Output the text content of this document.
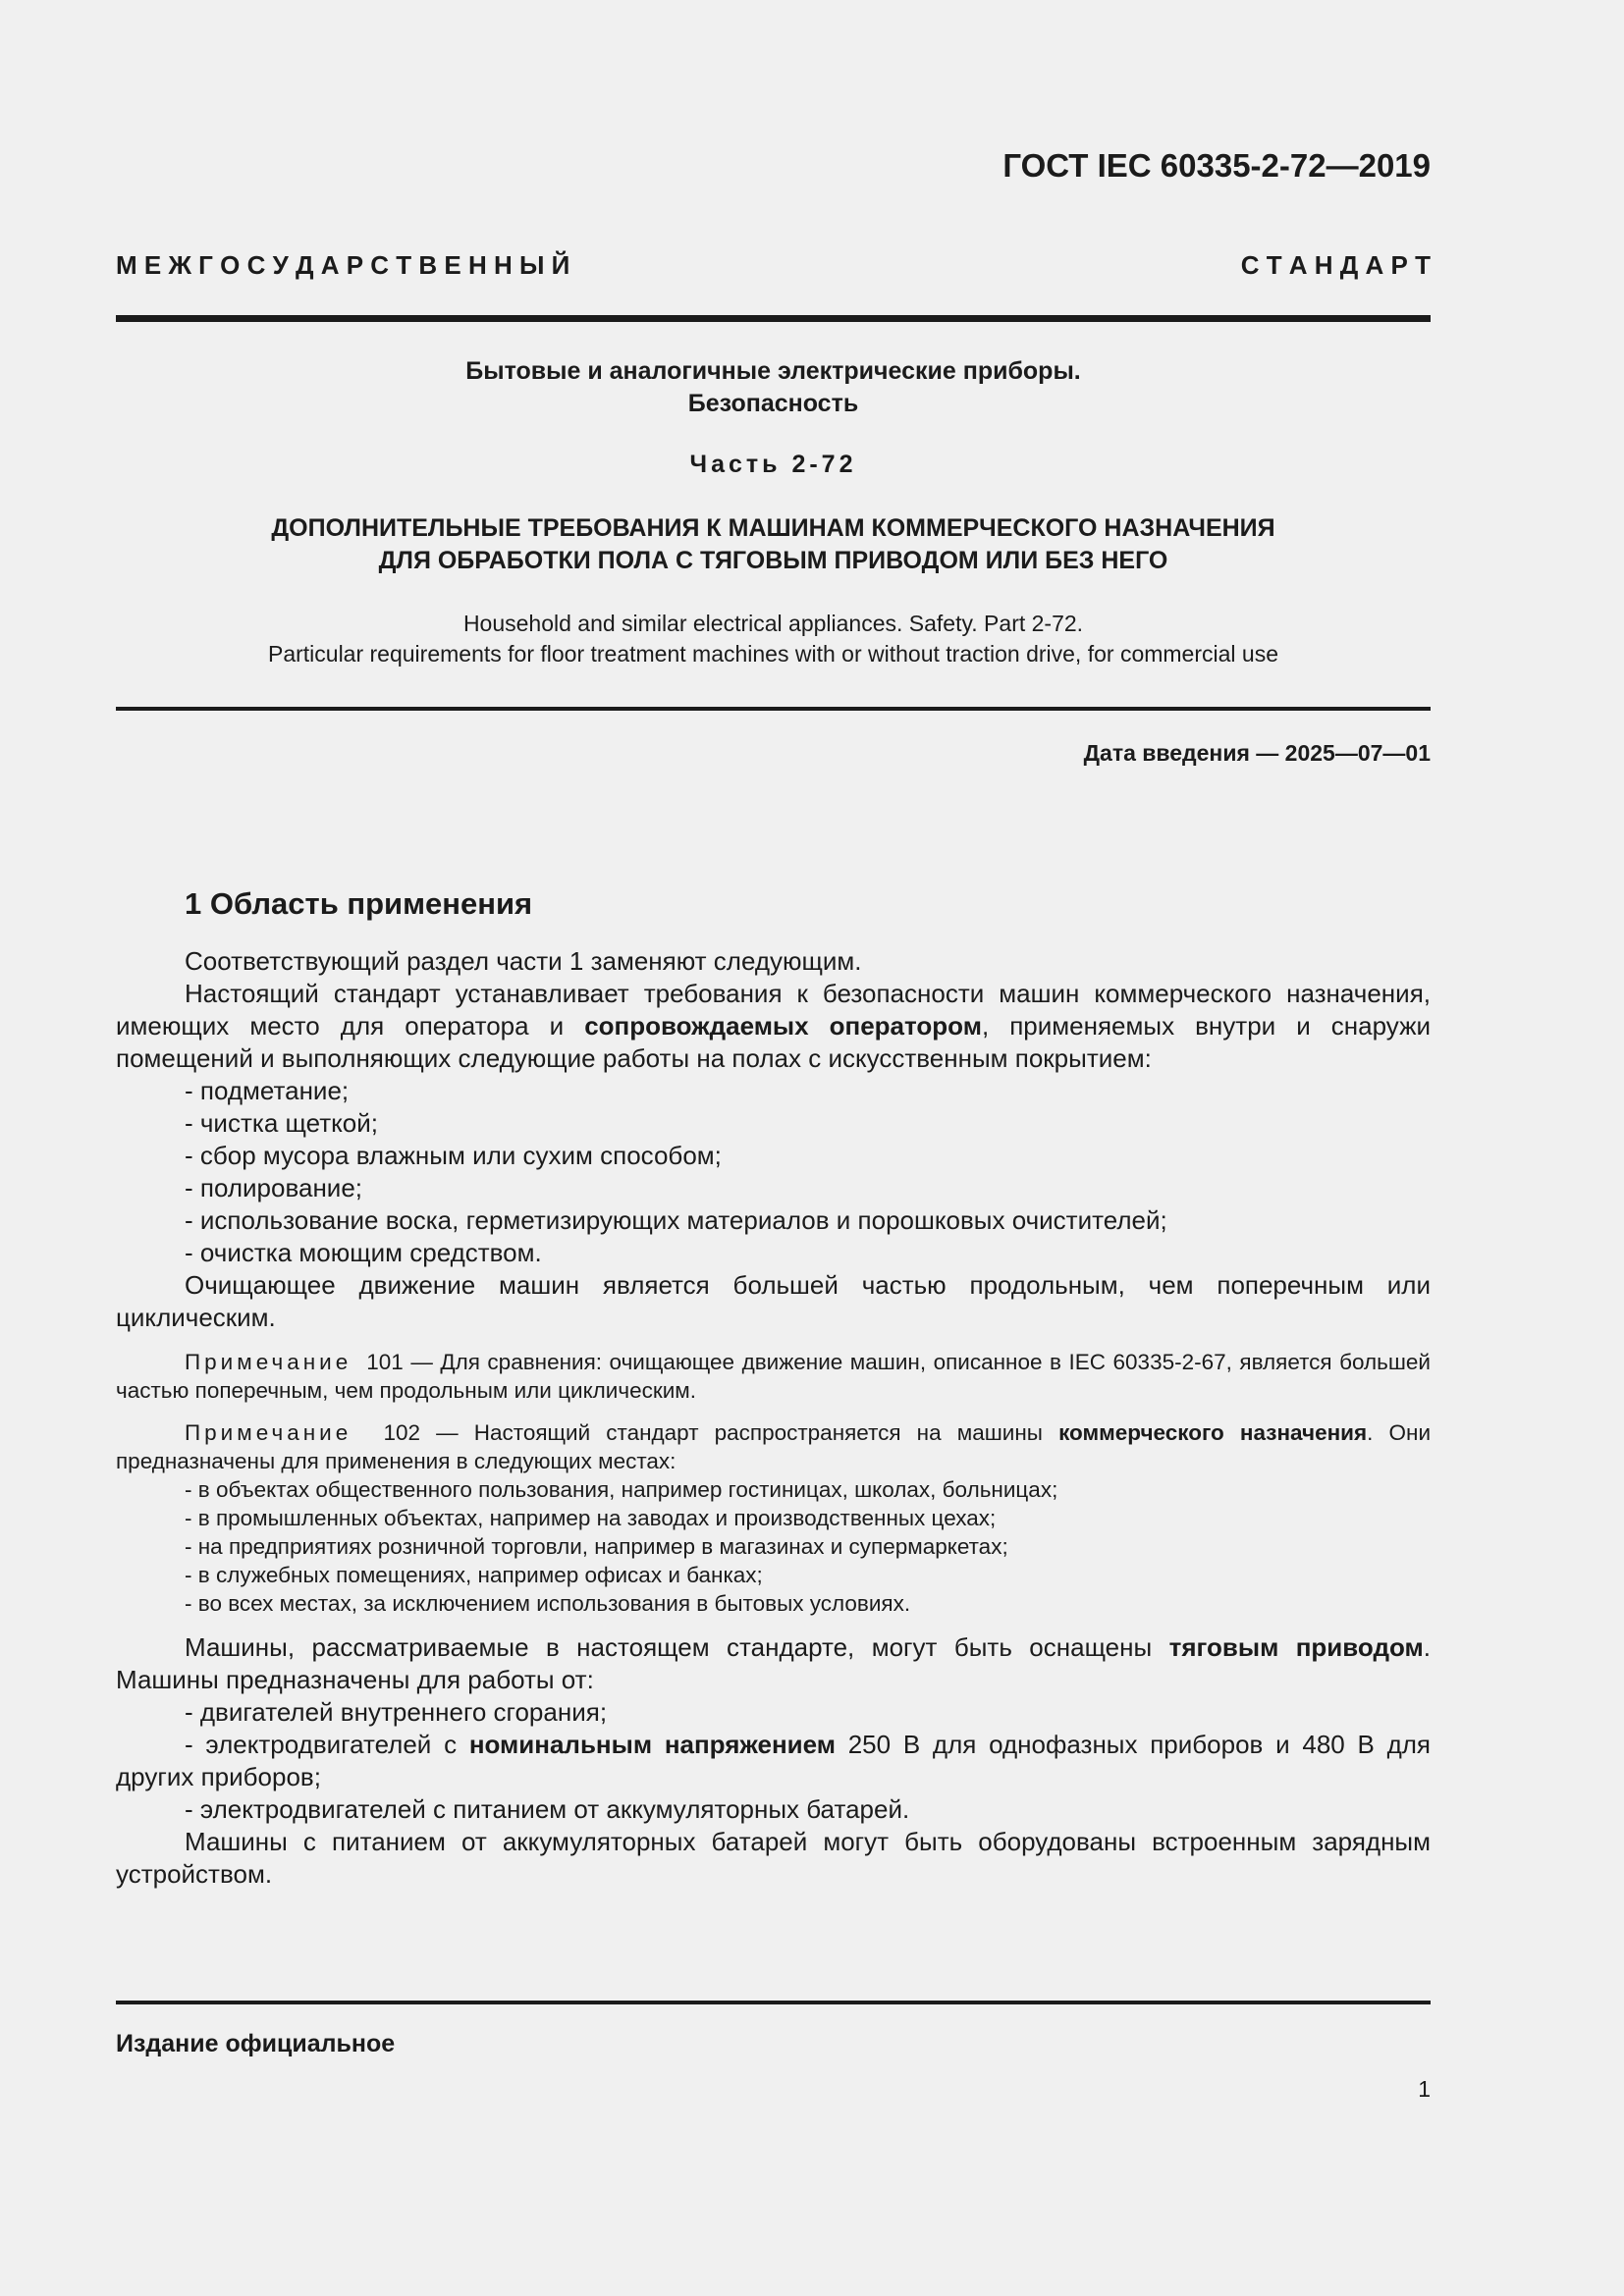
ГОСТ IEC 60335-2-72—2019
М Е Ж Г О С У Д А Р С Т В Е Н Н Ы Й	С Т А Н Д А Р Т
Бытовые и аналогичные электрические приборы.
Безопасность
Часть 2-72
ДОПОЛНИТЕЛЬНЫЕ ТРЕБОВАНИЯ К МАШИНАМ КОММЕРЧЕСКОГО НАЗНАЧЕНИЯ
ДЛЯ ОБРАБОТКИ ПОЛА С ТЯГОВЫМ ПРИВОДОМ ИЛИ БЕЗ НЕГО
Household and similar electrical appliances. Safety. Part 2-72.
Particular requirements for floor treatment machines with or without traction drive, for commercial use
Дата введения — 2025—07—01
1 Область применения

Соответствующий раздел части 1 заменяют следующим.

Настоящий стандарт устанавливает требования к безопасности машин коммерческого назначения, имеющих место для оператора и сопровождаемых оператором, применяемых внутри и снаружи помещений и выполняющих следующие работы на полах с искусственным покрытием:

- подметание;
- чистка щеткой;
- сбор мусора влажным или сухим способом;
- полирование;
- использование воска, герметизирующих материалов и порошковых очистителей;
- очистка моющим средством.

Очищающее движение машин является большей частью продольным, чем поперечным или циклическим.

Примечание 101 — Для сравнения: очищающее движение машин, описанное в IEC 60335-2-67, является большей частью поперечным, чем продольным или циклическим.

Примечание 102 — Настоящий стандарт распространяется на машины коммерческого назначения. Они предназначены для применения в следующих местах:

- в объектах общественного пользования, например гостиницах, школах, больницах;
- в промышленных объектах, например на заводах и производственных цехах;
- на предприятиях розничной торговли, например в магазинах и супермаркетах;
- в служебных помещениях, например офисах и банках;
- во всех местах, за исключением использования в бытовых условиях.

Машины, рассматриваемые в настоящем стандарте, могут быть оснащены тяговым приводом. Машины предназначены для работы от:

- двигателей внутреннего сгорания;

- электродвигателей с номинальным напряжением 250 В для однофазных приборов и 480 В для других приборов;

- электродвигателей с питанием от аккумуляторных батарей.

Машины с питанием от аккумуляторных батарей могут быть оборудованы встроенным зарядным устройством.

Издание официальное
1
